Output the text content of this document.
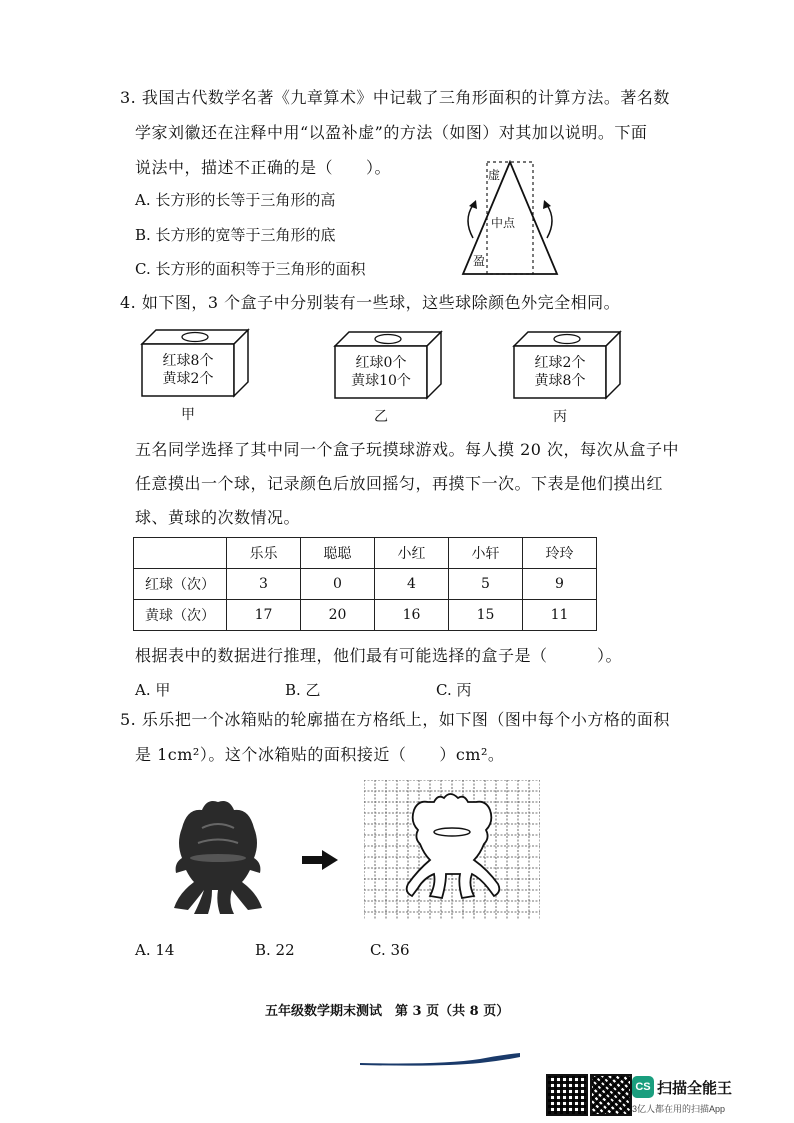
3. 我国古代数学名著《九章算术》中记载了三角形面积的计算方法。著名数
学家刘徽还在注释中用“以盈补虚”的方法（如图）对其加以说明。下面
说法中，描述不正确的是（　　）。
A. 长方形的长等于三角形的高
B. 长方形的宽等于三角形的底
C. 长方形的面积等于三角形的面积
虚
中点
盈
4. 如下图，3 个盒子中分别装有一些球，这些球除颜色外完全相同。
红球8个
黄球2个
甲
红球0个
黄球10个
乙
红球2个
黄球8个
丙
五名同学选择了其中同一个盒子玩摸球游戏。每人摸 20 次，每次从盒子中
任意摸出一个球，记录颜色后放回摇匀，再摸下一次。下表是他们摸出红
球、黄球的次数情况。
	乐乐	聪聪	小红	小轩	玲玲
红球（次）	3	0	4	5	9
黄球（次）	17	20	16	15	11
根据表中的数据进行推理，他们最有可能选择的盒子是（　　　）。
A. 甲	B. 乙	C. 丙
5. 乐乐把一个冰箱贴的轮廓描在方格纸上，如下图（图中每个小方格的面积
是 1cm²）。这个冰箱贴的面积接近（　　）cm²。
A. 14	B. 22	C. 36
五年级数学期末测试　第 3 页（共 8 页）
CS 扫描全能王
3亿人都在用的扫描App
